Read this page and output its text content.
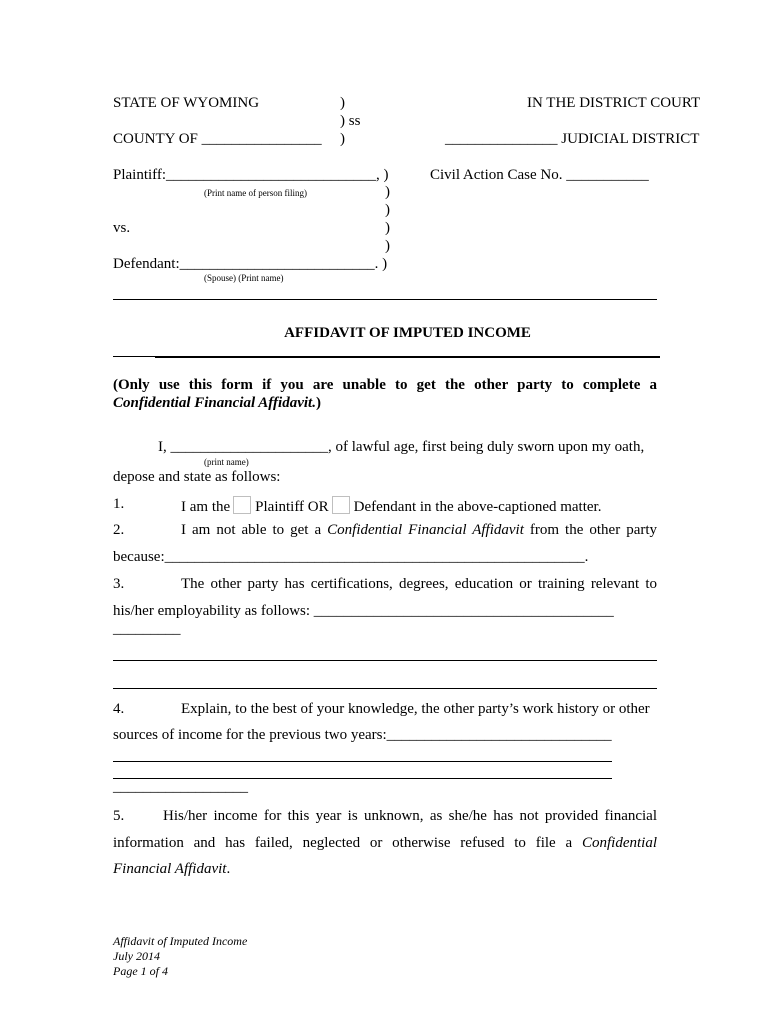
STATE OF WYOMING	)	IN THE DISTRICT COURT
) ss
COUNTY OF ________________ )	_______________ JUDICIAL DISTRICT
Plaintiff:____________________________, )	Civil Action Case No. ___________
(Print name of person filing)	)
)
vs.	)
)
Defendant:__________________________. )
(Spouse) (Print name)
AFFIDAVIT OF IMPUTED INCOME
(Only use this form if you are unable to get the other party to complete a
Confidential Financial Affidavit.)
I, _____________________, of lawful age, first being duly sworn upon my oath,
(print name)
depose and state as follows:
1.	I am the Plaintiff OR Defendant in the above-captioned matter.
2.	I am not able to get a Confidential Financial Affidavit from the other party
because:________________________________________________________.
3.	The other party has certifications, degrees, education or training relevant to
his/her employability as follows: ________________________________________
_________
4.	Explain, to the best of your knowledge, the other party’s work history or other
sources of income for the previous two years:______________________________
__________________
5.	His/her income for this year is unknown, as she/he has not provided financial
information and has failed, neglected or otherwise refused to file a Confidential
Financial Affidavit.
Affidavit of Imputed Income
July 2014
Page 1 of 4
